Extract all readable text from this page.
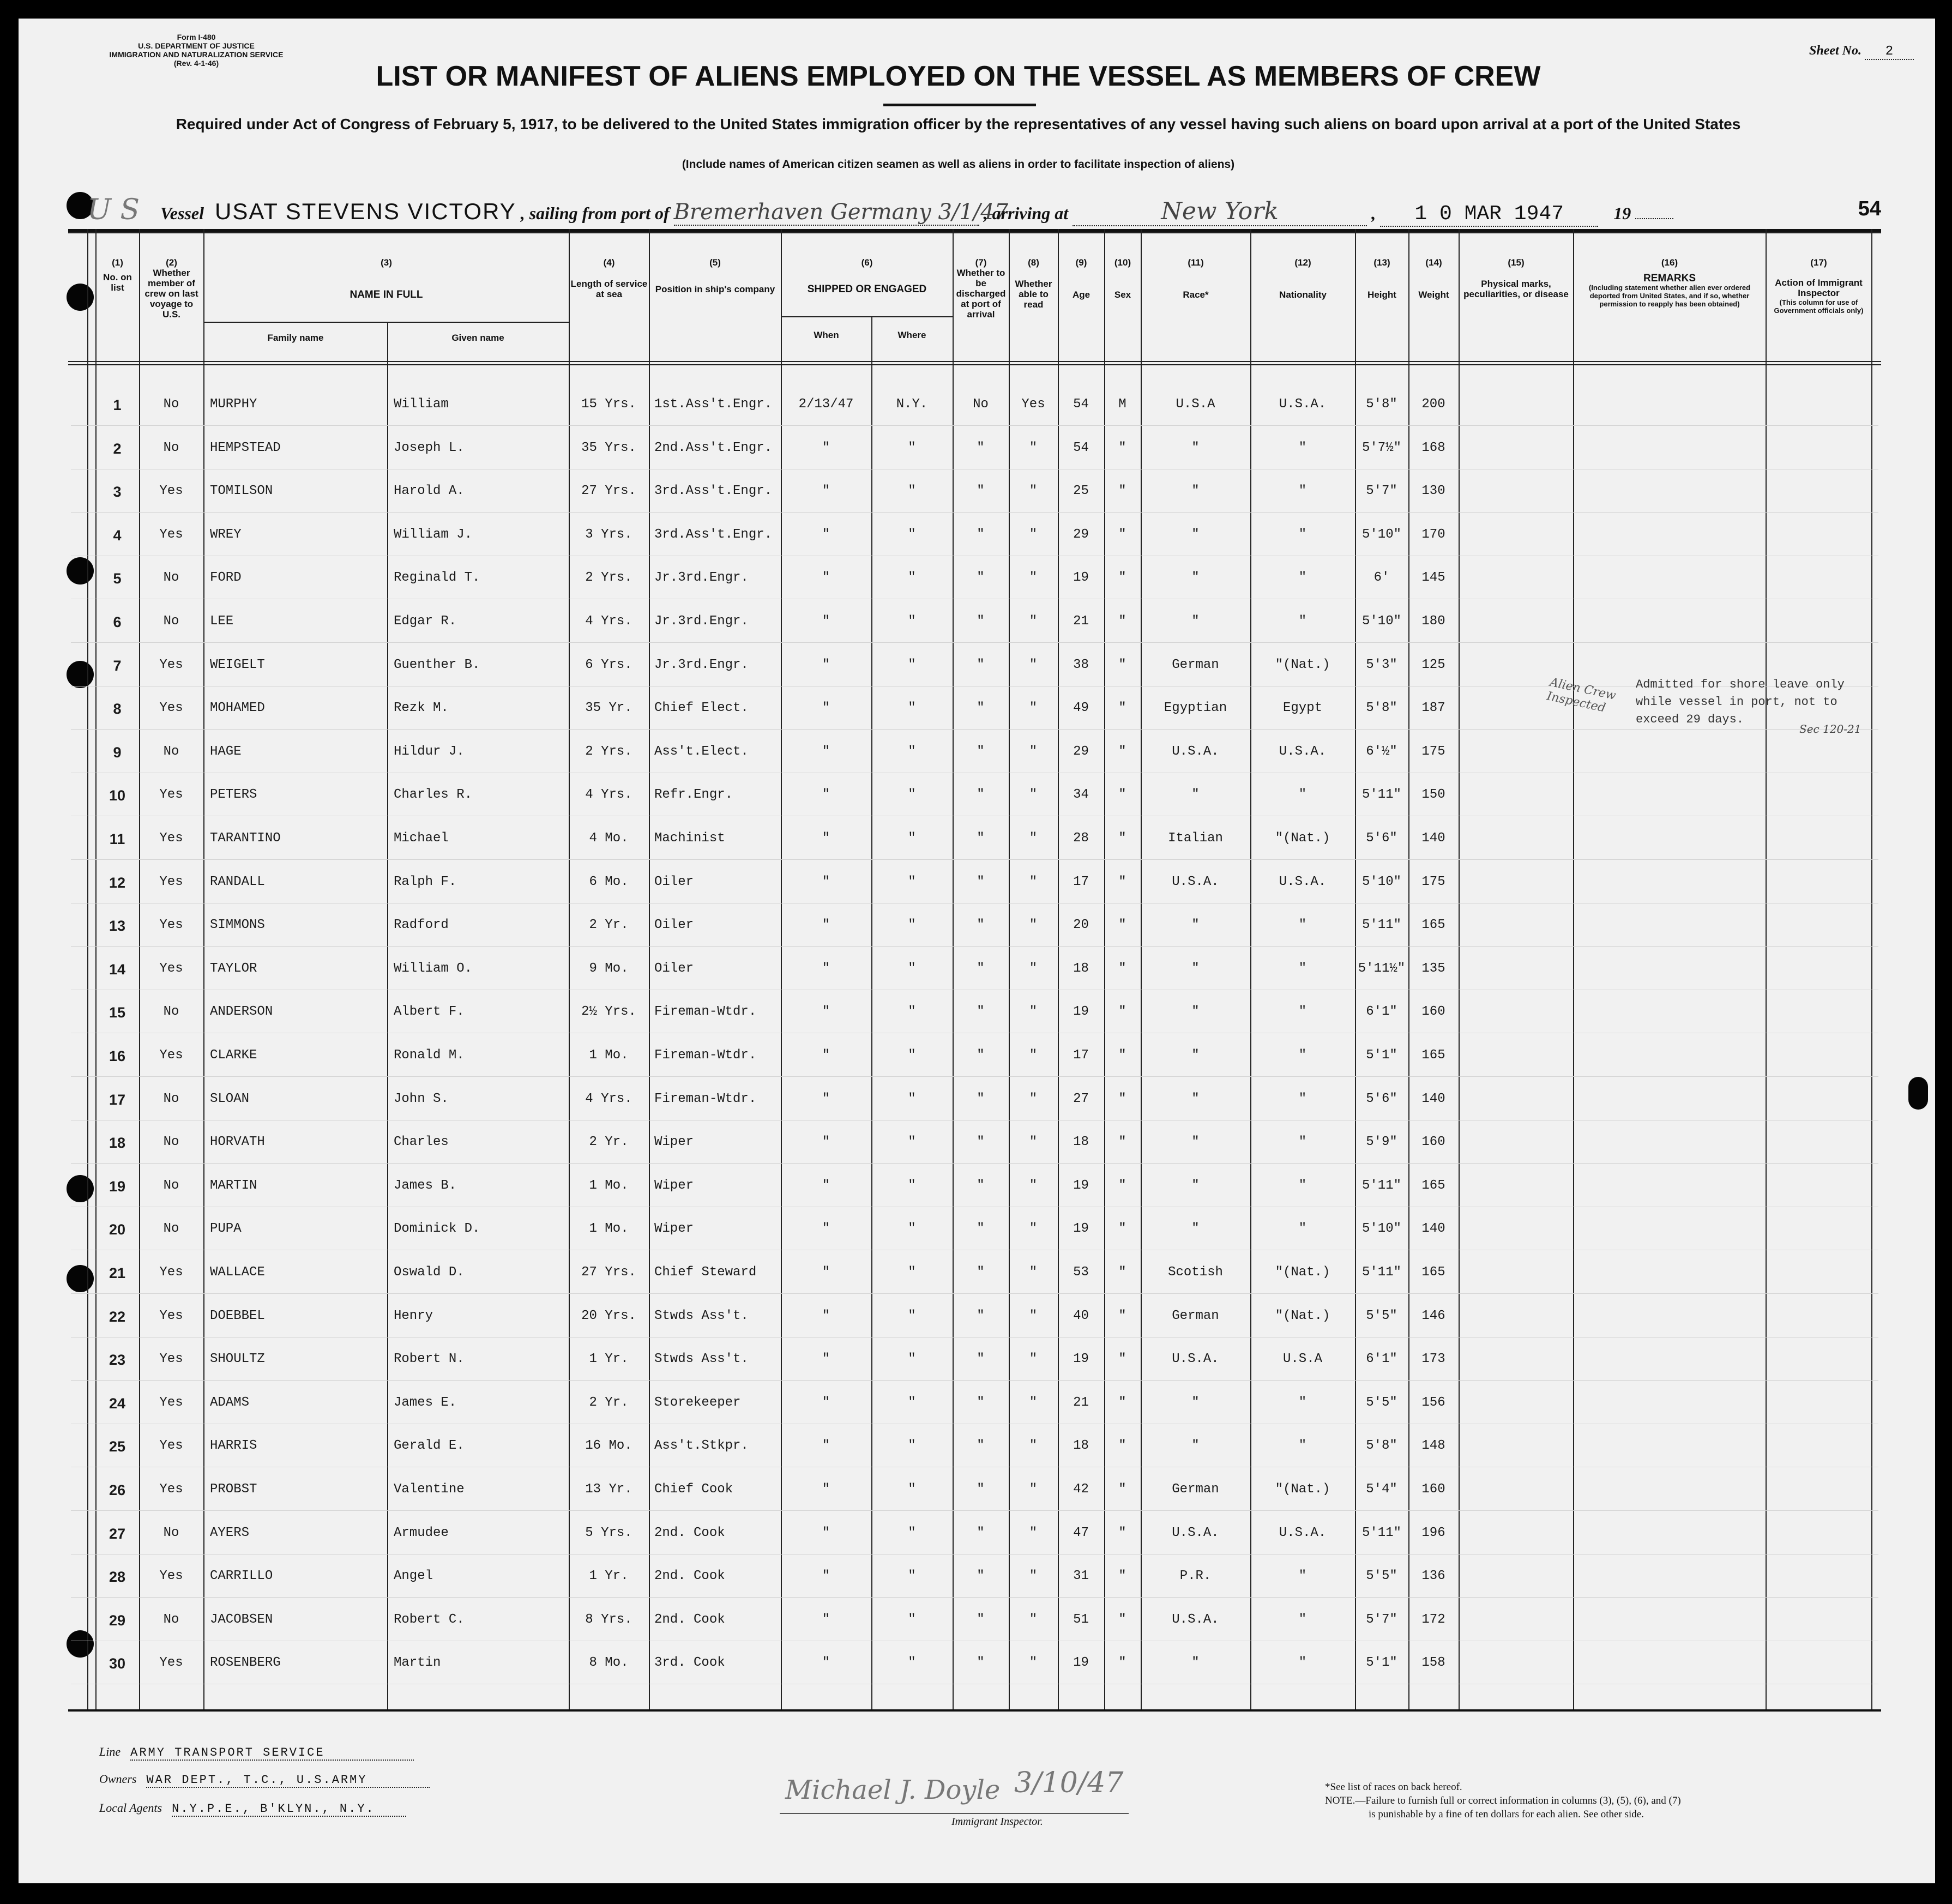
Form I-480
U.S. DEPARTMENT OF JUSTICE
IMMIGRATION AND NATURALIZATION SERVICE
(Rev. 4-1-46)
Sheet No. 2
LIST OR MANIFEST OF ALIENS EMPLOYED ON THE VESSEL AS MEMBERS OF CREW
Required under Act of Congress of February 5, 1917, to be delivered to the United States immigration officer by the representatives of any vessel having such aliens on board upon arrival at a port of the United States
(Include names of American citizen seamen as well as aliens in order to facilitate inspection of aliens)
U S Vessel USAT STEVENS VICTORY , sailing from port of Bremerhaven Germany 3/1/47 , arriving at	New York	, 1 0 MAR 1947	19	54
(1)
No. on list
(2)
Whether member of crew on last voyage to U.S.
(3)
NAME IN FULL
Family name	Given name
(4)
Length of service at sea
(5)
Position in ship's company
(6)
SHIPPED OR ENGAGED
When	Where
(7)
Whether to be discharged at port of arrival
(8)
Whether able to read
(9)
Age
(10)
Sex
(11)
Race*
(12)
Nationality
(13)
Height
(14)
Weight
(15)
Physical marks, peculiarities, or disease
(16)
REMARKS
(Including statement whether alien ever ordered deported from United States, and if so, whether permission to reapply has been obtained)
(17)
Action of Immigrant Inspector
(This column for use of Government officials only)
1	No	MURPHY	William	15 Yrs.	1st.Ass't.Engr.	2/13/47	N.Y.	No	Yes	54	M	U.S.A	U.S.A.	5'8"	200
2	No	HEMPSTEAD	Joseph L.	35 Yrs.	2nd.Ass't.Engr.	"	"	"	"	54	"	"	"	5'7½"	168
3	Yes	TOMILSON	Harold A.	27 Yrs.	3rd.Ass't.Engr.	"	"	"	"	25	"	"	"	5'7"	130
4	Yes	WREY	William J.	3 Yrs.	3rd.Ass't.Engr.	"	"	"	"	29	"	"	"	5'10"	170
5	No	FORD	Reginald T.	2 Yrs.	Jr.3rd.Engr.	"	"	"	"	19	"	"	"	6'	145
6	No	LEE	Edgar R.	4 Yrs.	Jr.3rd.Engr.	"	"	"	"	21	"	"	"	5'10"	180
7	Yes	WEIGELT	Guenther B.	6 Yrs.	Jr.3rd.Engr.	"	"	"	"	38	"	German	"(Nat.)	5'3"	125
8	Yes	MOHAMED	Rezk M.	35 Yr.	Chief Elect.	"	"	"	"	49	"	Egyptian	Egypt	5'8"	187
9	No	HAGE	Hildur J.	2 Yrs.	Ass't.Elect.	"	"	"	"	29	"	U.S.A.	U.S.A.	6'½"	175
10	Yes	PETERS	Charles R.	4 Yrs.	Refr.Engr.	"	"	"	"	34	"	"	"	5'11"	150
11	Yes	TARANTINO	Michael	4 Mo.	Machinist	"	"	"	"	28	"	Italian	"(Nat.)	5'6"	140
12	Yes	RANDALL	Ralph F.	6 Mo.	Oiler	"	"	"	"	17	"	U.S.A.	U.S.A.	5'10"	175
13	Yes	SIMMONS	Radford	2 Yr.	Oiler	"	"	"	"	20	"	"	"	5'11"	165
14	Yes	TAYLOR	William O.	9 Mo.	Oiler	"	"	"	"	18	"	"	"	5'11½"	135
15	No	ANDERSON	Albert F.	2½ Yrs.	Fireman-Wtdr.	"	"	"	"	19	"	"	"	6'1"	160
16	Yes	CLARKE	Ronald M.	1 Mo.	Fireman-Wtdr.	"	"	"	"	17	"	"	"	5'1"	165
17	No	SLOAN	John S.	4 Yrs.	Fireman-Wtdr.	"	"	"	"	27	"	"	"	5'6"	140
18	No	HORVATH	Charles	2 Yr.	Wiper	"	"	"	"	18	"	"	"	5'9"	160
19	No	MARTIN	James B.	1 Mo.	Wiper	"	"	"	"	19	"	"	"	5'11"	165
20	No	PUPA	Dominick D.	1 Mo.	Wiper	"	"	"	"	19	"	"	"	5'10"	140
21	Yes	WALLACE	Oswald D.	27 Yrs.	Chief Steward	"	"	"	"	53	"	Scotish	"(Nat.)	5'11"	165
22	Yes	DOEBBEL	Henry	20 Yrs.	Stwds Ass't.	"	"	"	"	40	"	German	"(Nat.)	5'5"	146
23	Yes	SHOULTZ	Robert N.	1 Yr.	Stwds Ass't.	"	"	"	"	19	"	U.S.A.	U.S.A	6'1"	173
24	Yes	ADAMS	James E.	2 Yr.	Storekeeper	"	"	"	"	21	"	"	"	5'5"	156
25	Yes	HARRIS	Gerald E.	16 Mo.	Ass't.Stkpr.	"	"	"	"	18	"	"	"	5'8"	148
26	Yes	PROBST	Valentine	13 Yr.	Chief Cook	"	"	"	"	42	"	German	"(Nat.)	5'4"	160
27	No	AYERS	Armudee	5 Yrs.	2nd. Cook	"	"	"	"	47	"	U.S.A.	U.S.A.	5'11"	196
28	Yes	CARRILLO	Angel	1 Yr.	2nd. Cook	"	"	"	"	31	"	P.R.	"	5'5"	136
29	No	JACOBSEN	Robert C.	8 Yrs.	2nd. Cook	"	"	"	"	51	"	U.S.A.	"	5'7"	172
30	Yes	ROSENBERG	Martin	8 Mo.	3rd. Cook	"	"	"	"	19	"	"	"	5'1"	158
Admitted for shore leave only
while vessel in port, not to
exceed 29 days.
Alien Crew Inspected
Sec 120-21
Line ARMY TRANSPORT SERVICE
Owners WAR DEPT., T.C., U.S.ARMY
Local Agents N.Y.P.E., B'KLYN., N.Y.
Michael J. Doyle 3/10/47
Immigrant Inspector.
*See list of races on back hereof.
NOTE.—Failure to furnish full or correct information in columns (3), (5), (6), and (7)
is punishable by a fine of ten dollars for each alien. See other side.
